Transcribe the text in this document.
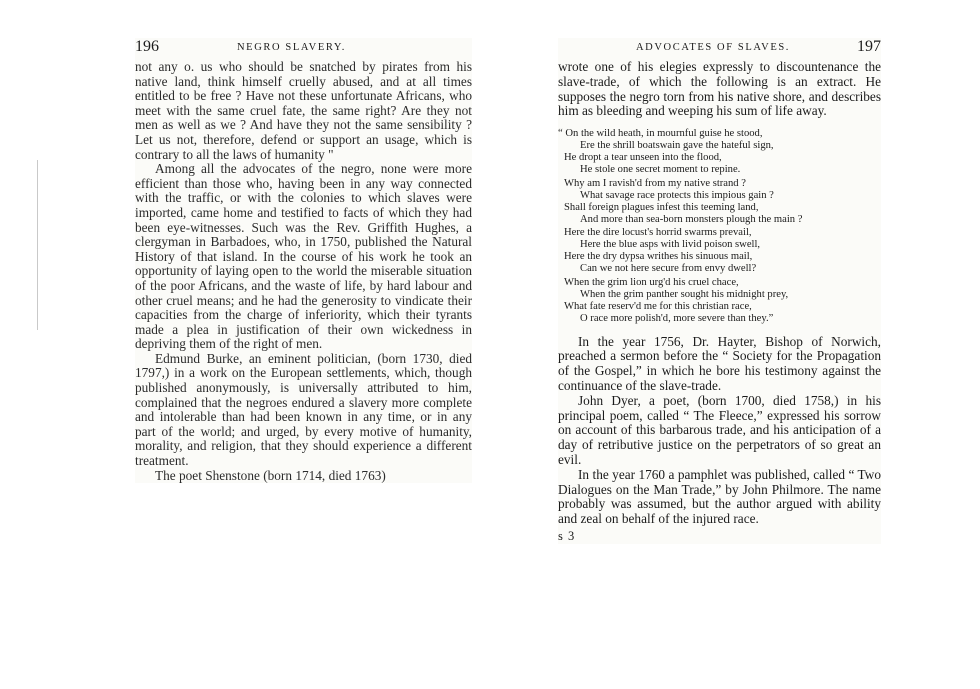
196	NEGRO SLAVERY.

not any o. us who should be snatched by pirates from his native land, think himself cruelly abused, and at all times entitled to be free ? Have not these unfortunate Africans, who meet with the same cruel fate, the same right? Are they not men as well as we ? And have they not the same sensibility ? Let us not, therefore, defend or support an usage, which is contrary to all the laws of humanity "

Among all the advocates of the negro, none were more efficient than those who, having been in any way connected with the traffic, or with the colonies to which slaves were imported, came home and testified to facts of which they had been eye-witnesses. Such was the Rev. Griffith Hughes, a clergyman in Barbadoes, who, in 1750, published the Natural History of that island. In the course of his work he took an opportunity of laying open to the world the miserable situation of the poor Africans, and the waste of life, by hard labour and other cruel means; and he had the generosity to vindicate their capacities from the charge of inferiority, which their tyrants made a plea in justification of their own wickedness in depriving them of the right of men.

Edmund Burke, an eminent politician, (born 1730, died 1797,) in a work on the European settlements, which, though published anonymously, is universally attributed to him, complained that the negroes endured a slavery more complete and intolerable than had been known in any time, or in any part of the world; and urged, by every motive of humanity, morality, and religion, that they should experience a different treatment.

The poet Shenstone (born 1714, died 1763)

ADVOCATES OF SLAVES.	197

wrote one of his elegies expressly to discountenance the slave-trade, of which the following is an extract. He supposes the negro torn from his native shore, and describes him as bleeding and weeping his sum of life away.

“ On the wild heath, in mournful guise he stood,
Ere the shrill boatswain gave the hateful sign,
He dropt a tear unseen into the flood,
He stole one secret moment to repine.
Why am I ravish'd from my native strand ?
What savage race protects this impious gain ?
Shall foreign plagues infest this teeming land,
And more than sea-born monsters plough the main ?
Here the dire locust's horrid swarms prevail,
Here the blue asps with livid poison swell,
Here the dry dypsa writhes his sinuous mail,
Can we not here secure from envy dwell?
When the grim lion urg'd his cruel chace,
When the grim panther sought his midnight prey,
What fate reserv'd me for this christian race,
O race more polish'd, more severe than they.”

In the year 1756, Dr. Hayter, Bishop of Norwich, preached a sermon before the “ Society for the Propagation of the Gospel,” in which he bore his testimony against the continuance of the slave-trade.

John Dyer, a poet, (born 1700, died 1758,) in his principal poem, called “ The Fleece,” expressed his sorrow on account of this barbarous trade, and his anticipation of a day of retributive justice on the perpetrators of so great an evil.

In the year 1760 a pamphlet was published, called “ Two Dialogues on the Man Trade,” by John Philmore. The name probably was assumed, but the author argued with ability and zeal on behalf of the injured race.

s 3
